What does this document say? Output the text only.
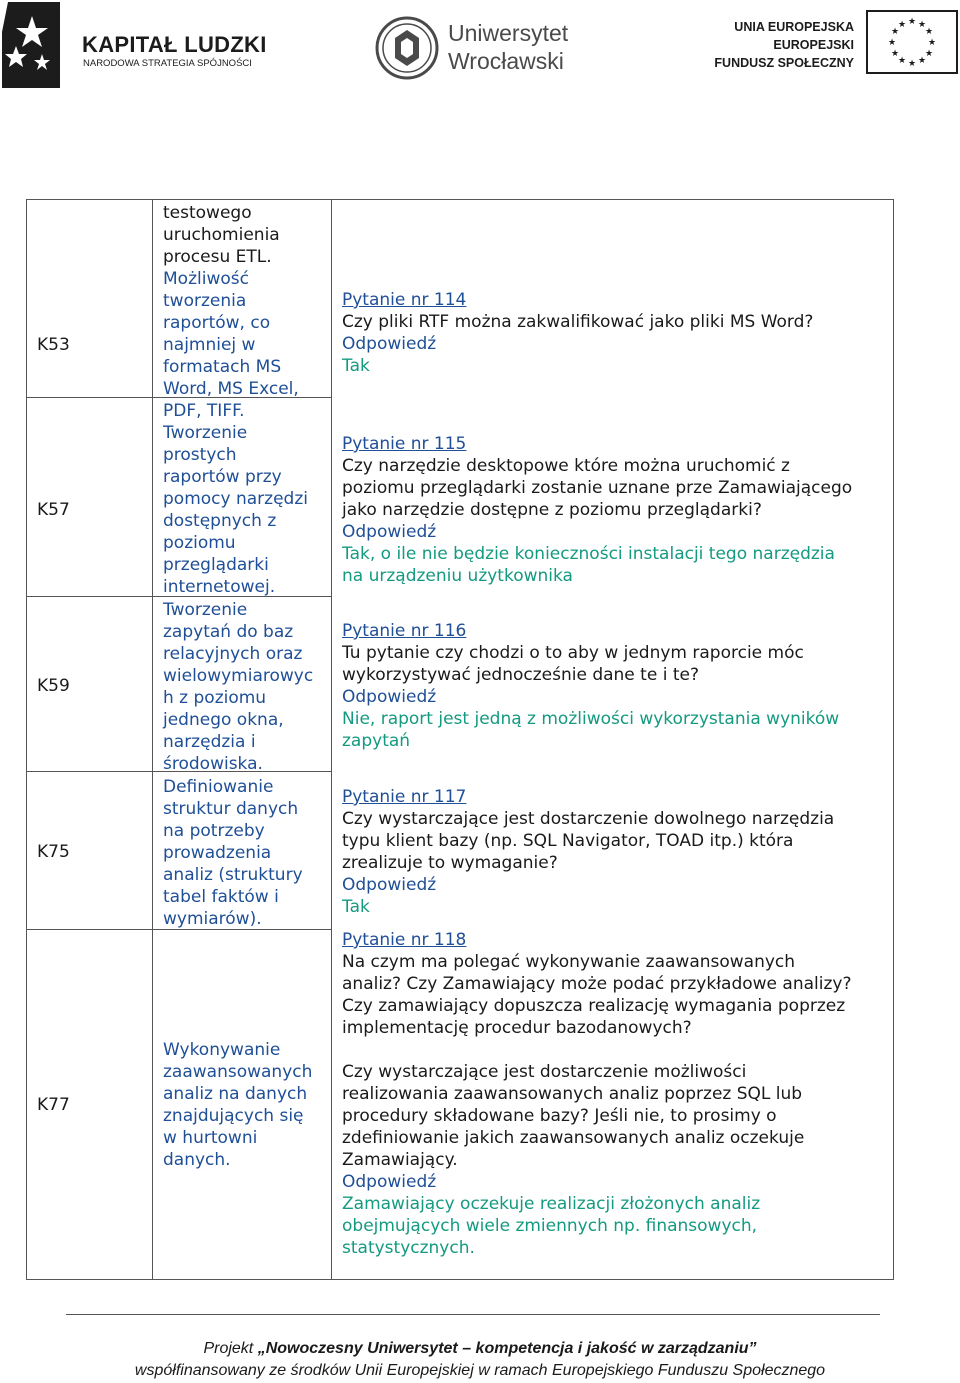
KAPITAŁ LUDZKI
NARODOWA STRATEGIA SPÓJNOŚCI
Uniwersytet
Wrocławski
UNIA EUROPEJSKA
EUROPEJSKI
FUNDUSZ SPOŁECZNY
★ ★
★
★
★
★
★
★
★
★
★
★
K53
K57
K59
K75
K77
testowego
uruchomienia
procesu ETL.
Możliwość
tworzenia
raportów, co
najmniej w
formatach MS
Word, MS Excel,
PDF, TIFF.
Tworzenie
prostych
raportów przy
pomocy narzędzi
dostępnych z
poziomu
przeglądarki
internetowej.
Tworzenie
zapytań do baz
relacyjnych oraz
wielowymiarowyc
h z poziomu
jednego okna,
narzędzia i
środowiska.
Definiowanie
struktur danych
na potrzeby
prowadzenia
analiz (struktury
tabel faktów i
wymiarów).
Wykonywanie
zaawansowanych
analiz na danych
znajdujących się
w hurtowni
danych.
Pytanie nr 114
Czy pliki RTF można zakwalifikować jako pliki MS Word?
Odpowiedź
Tak
Pytanie nr 115
Czy narzędzie desktopowe które można uruchomić z
poziomu przeglądarki zostanie uznane prze Zamawiającego
jako narzędzie dostępne z poziomu przeglądarki?
Odpowiedź
Tak, o ile nie będzie konieczności instalacji tego narzędzia
na urządzeniu użytkownika
Pytanie nr 116
Tu pytanie czy chodzi o to aby w jednym raporcie móc
wykorzystywać jednocześnie dane te i te?
Odpowiedź
Nie, raport jest jedną z możliwości wykorzystania wyników
zapytań
Pytanie nr 117
Czy wystarczające jest dostarczenie dowolnego narzędzia
typu klient bazy (np. SQL Navigator, TOAD itp.) która
zrealizuje to wymaganie?
Odpowiedź
Tak
Pytanie nr 118
Na czym ma polegać wykonywanie zaawansowanych
analiz? Czy Zamawiający może podać przykładowe analizy?
Czy zamawiający dopuszcza realizację wymagania poprzez
implementację procedur bazodanowych?
Czy wystarczające jest dostarczenie możliwości
realizowania zaawansowanych analiz poprzez SQL lub
procedury składowane bazy? Jeśli nie, to prosimy o
zdefiniowanie jakich zaawansowanych analiz oczekuje
Zamawiający.
Odpowiedź
Zamawiający oczekuje realizacji złożonych analiz
obejmujących wiele zmiennych np. finansowych,
statystycznych.
Projekt „Nowoczesny Uniwersytet – kompetencja i jakość w zarządzaniu”
współfinansowany ze środków Unii Europejskiej w ramach Europejskiego Funduszu Społecznego
